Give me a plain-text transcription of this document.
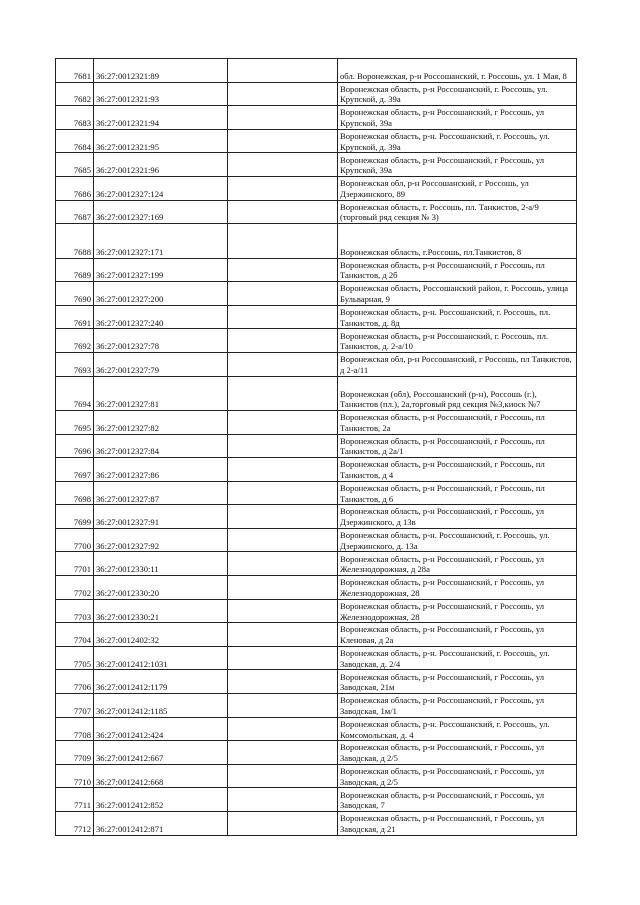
7681	36:27:0012321:89		обл. Воронежская, р-н Россошанский, г. Россошь, ул. 1 Мая, 8
7682	36:27:0012321:93		Воронежская область, р-н Россошанский, г. Россошь, ул. Крупской, д. 39а
7683	36:27:0012321:94		Воронежская область, р-н Россошанский, г Россошь, ул Крупской, 39а
7684	36:27:0012321:95		Воронежская область, р-н. Россошанский, г. Россошь, ул. Крупской, д. 39а
7685	36:27:0012321:96		Воронежская область, р-н Россошанский, г Россошь, ул Крупской, 39а
7686	36:27:0012327:124		Воронежская обл, р-н Россошанский, г Россошь, ул Дзержинского, 89
7687	36:27:0012327:169		Воронежская область, г. Россошь, пл. Танкистов, 2-а/9 (торговый ряд секция № 3)
7688	36:27:0012327:171		Воронежская область, г.Россошь, пл.Танкистов, 8
7689	36:27:0012327:199		Воронежская область, р-н Россошанский, г Россошь, пл Танкистов, д 2б
7690	36:27:0012327:200		Воронежская область, Россошанский район, г. Россошь, улица Бульварная, 9
7691	36:27:0012327:240		Воронежская область, р-н. Россошанский, г. Россошь, пл. Танкистов, д. 8д
7692	36:27:0012327:78		Воронежская область, р-н Россошанский, г. Россошь, пл. Танкистов, д. 2-а/10
7693	36:27:0012327:79		Воронежская обл, р-н Россошанский, г Россошь, пл Танкистов, д 2-а/11
7694	36:27:0012327:81		Воронежская (обл), Россошанский (р-н), Россошь (г.), Танкистов (пл.), 2а,торговый ряд секция №3,киоск №7
7695	36:27:0012327:82		Воронежская область, р-н Россошанский, г Россошь, пл Танкистов, 2а
7696	36:27:0012327:84		Воронежская область, р-н Россошанский, г Россошь, пл Танкистов, д 2а/1
7697	36:27:0012327:86		Воронежская область, р-н Россошанский, г Россошь, пл Танкистов, д 4
7698	36:27:0012327:87		Воронежская область, р-н Россошанский, г Россошь, пл Танкистов, д 6
7699	36:27:0012327:91		Воронежская область, р-н Россошанский, г Россошь, ул Дзержинского, д 13в
7700	36:27:0012327:92		Воронежская область, р-н. Россошанский, г. Россошь, ул. Дзержинского, д. 13а
7701	36:27:0012330:11		Воронежская область, р-н Россошанский, г Россошь, ул Железнодорожная, д 28а
7702	36:27:0012330:20		Воронежская область, р-н Россошанский, г Россошь, ул Железнодорожная, 28
7703	36:27:0012330:21		Воронежская область, р-н Россошанский, г Россошь, ул Железнодорожная, 28
7704	36:27:0012402:32		Воронежская область, р-н Россошанский, г Россошь, ул Кленовая, д 2а
7705	36:27:0012412:1031		Воронежская область, р-н. Россошанский, г. Россошь, ул. Заводская, д. 2/4
7706	36:27:0012412:1179		Воронежская область, р-н Россошанский, г Россошь, ул Заводская, 21м
7707	36:27:0012412:1185		Воронежская область, р-н Россошанский, г Россошь, ул Заводская, 1м/1
7708	36:27:0012412:424		Воронежская область, р-н. Россошанский, г. Россошь, ул. Комсомольская, д. 4
7709	36:27:0012412:667		Воронежская область, р-н Россошанский, г Россошь, ул Заводская, д 2/5
7710	36:27:0012412:668		Воронежская область, р-н Россошанский, г Россошь, ул Заводская, д 2/5
7711	36:27:0012412:852		Воронежская область, р-н Россошанский, г Россошь, ул Заводская, 7
7712	36:27:0012412:871		Воронежская область, р-н Россошанский, г Россошь, ул Заводская, д 21
